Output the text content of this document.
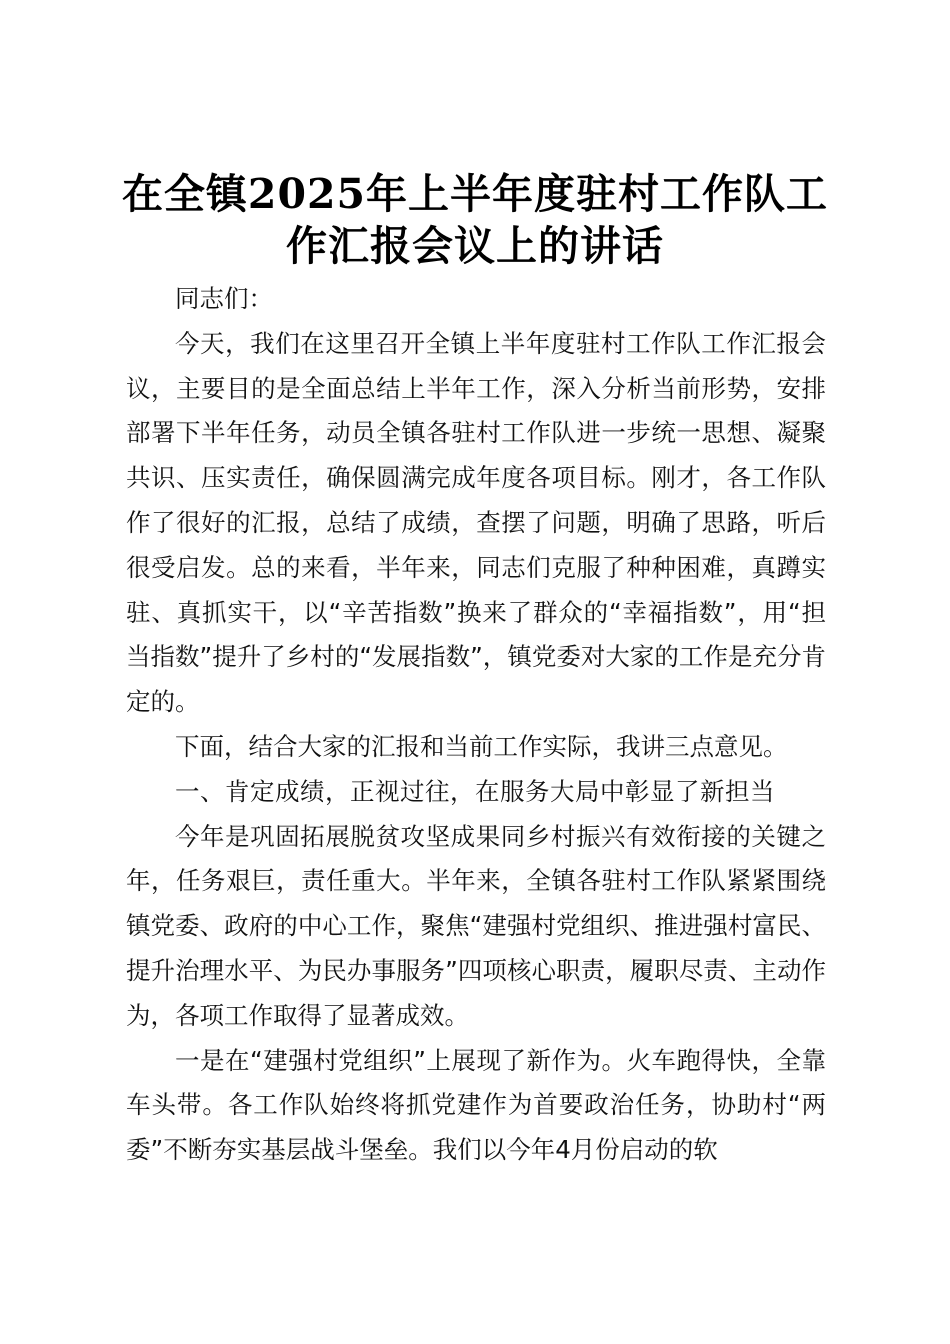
在全镇2025年上半年度驻村工作队工作汇报会议上的讲话

同志们：

今天，我们在这里召开全镇上半年度驻村工作队工作汇报会议，主要目的是全面总结上半年工作，深入分析当前形势，安排部署下半年任务，动员全镇各驻村工作队进一步统一思想、凝聚共识、压实责任，确保圆满完成年度各项目标。刚才，各工作队作了很好的汇报，总结了成绩，查摆了问题，明确了思路，听后很受启发。总的来看，半年来，同志们克服了种种困难，真蹲实驻、真抓实干，以“辛苦指数”换来了群众的“幸福指数”，用“担当指数”提升了乡村的“发展指数”，镇党委对大家的工作是充分肯定的。

下面，结合大家的汇报和当前工作实际，我讲三点意见。

一、肯定成绩，正视过往，在服务大局中彰显了新担当

今年是巩固拓展脱贫攻坚成果同乡村振兴有效衔接的关键之年，任务艰巨，责任重大。半年来，全镇各驻村工作队紧紧围绕镇党委、政府的中心工作，聚焦“建强村党组织、推进强村富民、提升治理水平、为民办事服务”四项核心职责，履职尽责、主动作为，各项工作取得了显著成效。

一是在“建强村党组织”上展现了新作为。火车跑得快，全靠车头带。各工作队始终将抓党建作为首要政治任务，协助村“两委”不断夯实基层战斗堡垒。我们以今年4月份启动的软
